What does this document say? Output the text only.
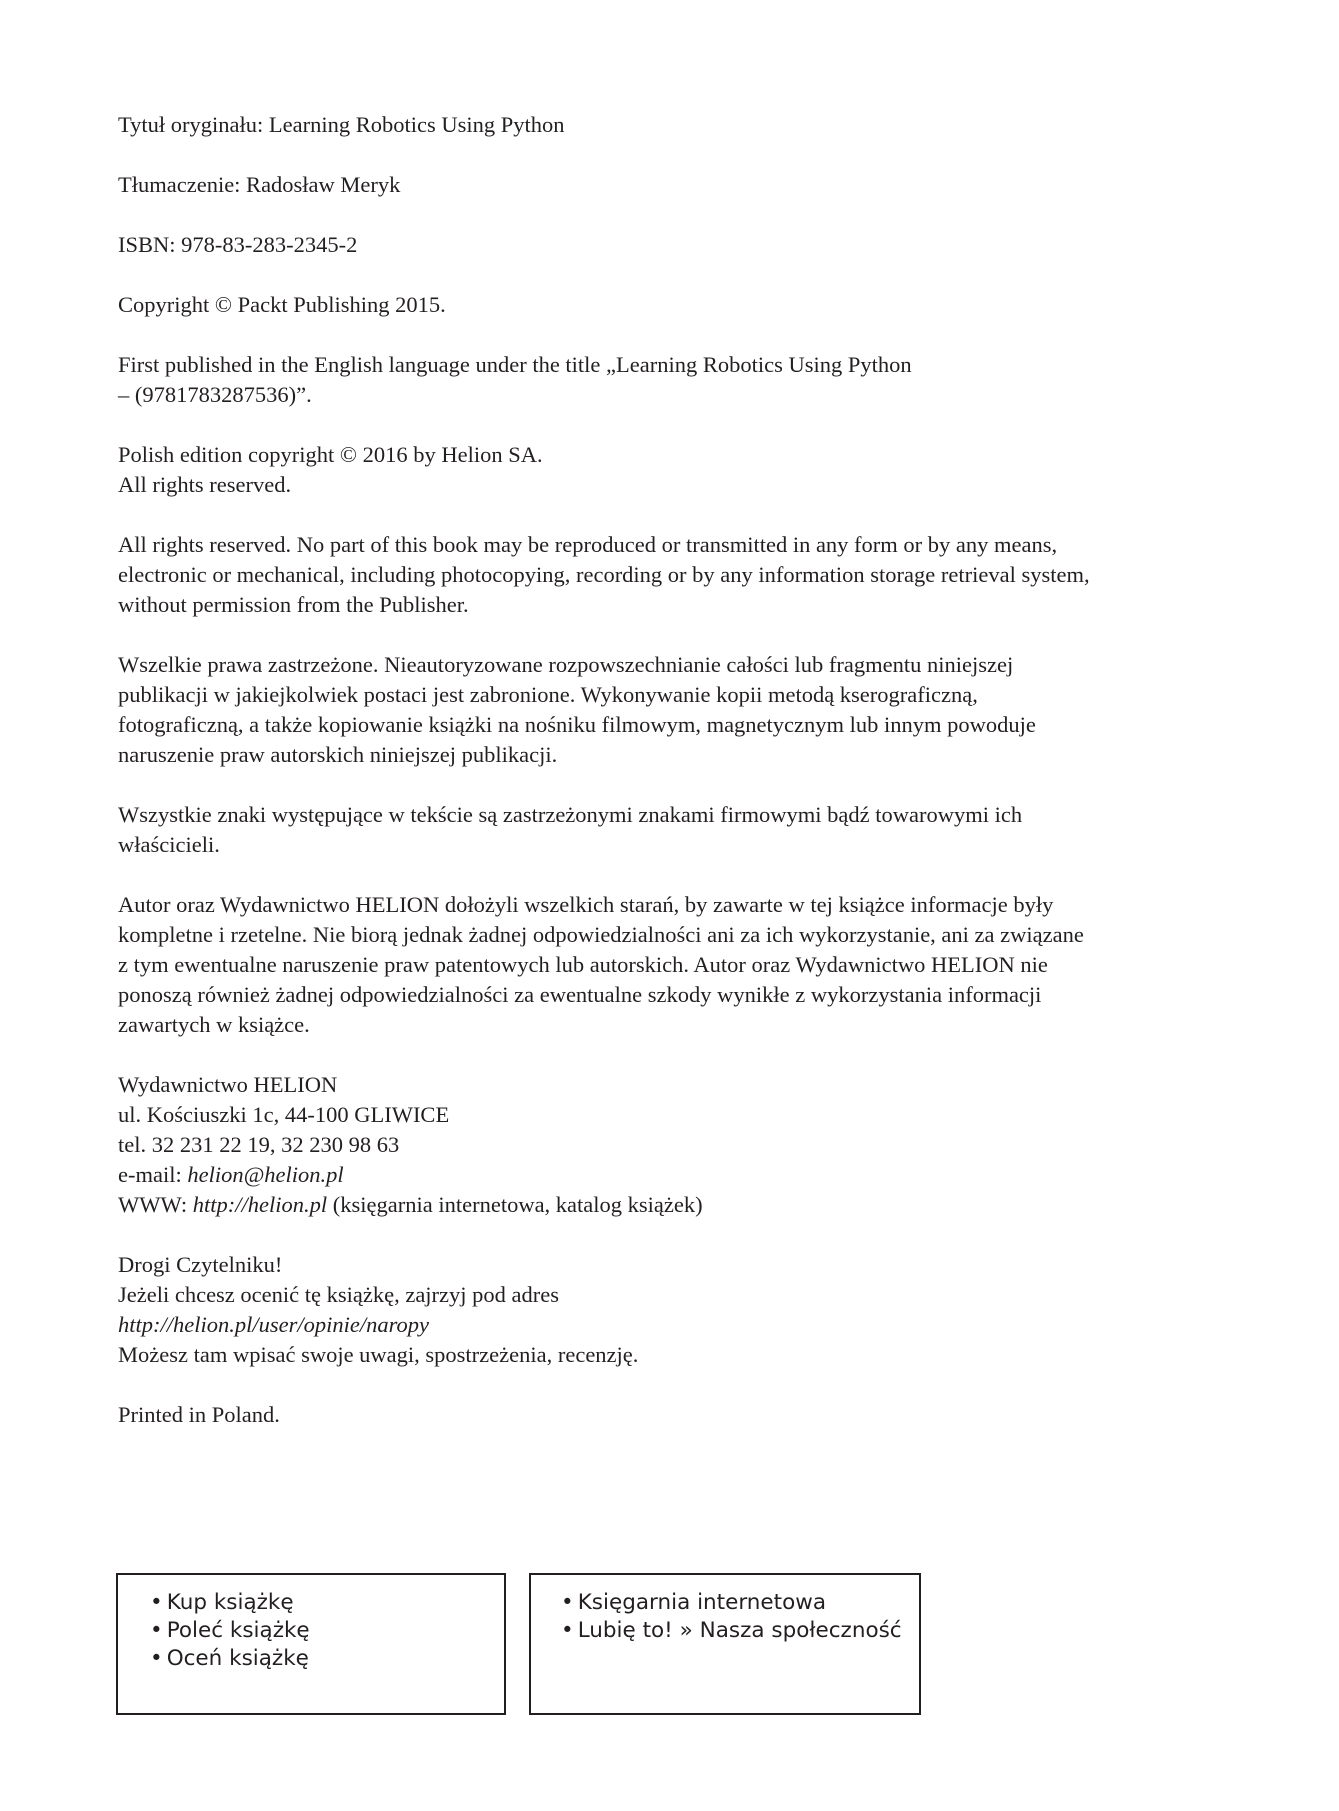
Tytuł oryginału: Learning Robotics Using Python

Tłumaczenie: Radosław Meryk

ISBN: 978-83-283-2345-2

Copyright © Packt Publishing 2015.

First published in the English language under the title „Learning Robotics Using Python
– (9781783287536)”.

Polish edition copyright © 2016 by Helion SA.
All rights reserved.

All rights reserved. No part of this book may be reproduced or transmitted in any form or by any means,
electronic or mechanical, including photocopying, recording or by any information storage retrieval system,
without permission from the Publisher.

Wszelkie prawa zastrzeżone. Nieautoryzowane rozpowszechnianie całości lub fragmentu niniejszej
publikacji w jakiejkolwiek postaci jest zabronione. Wykonywanie kopii metodą kserograficzną,
fotograficzną, a także kopiowanie książki na nośniku filmowym, magnetycznym lub innym powoduje
naruszenie praw autorskich niniejszej publikacji.

Wszystkie znaki występujące w tekście są zastrzeżonymi znakami firmowymi bądź towarowymi ich
właścicieli.

Autor oraz Wydawnictwo HELION dołożyli wszelkich starań, by zawarte w tej książce informacje były
kompletne i rzetelne. Nie biorą jednak żadnej odpowiedzialności ani za ich wykorzystanie, ani za związane
z tym ewentualne naruszenie praw patentowych lub autorskich. Autor oraz Wydawnictwo HELION nie
ponoszą również żadnej odpowiedzialności za ewentualne szkody wynikłe z wykorzystania informacji
zawartych w książce.

Wydawnictwo HELION
ul. Kościuszki 1c, 44-100 GLIWICE
tel. 32 231 22 19, 32 230 98 63
e-mail: helion@helion.pl
WWW: http://helion.pl (księgarnia internetowa, katalog książek)

Drogi Czytelniku!
Jeżeli chcesz ocenić tę książkę, zajrzyj pod adres
http://helion.pl/user/opinie/naropy
Możesz tam wpisać swoje uwagi, spostrzeżenia, recenzję.

Printed in Poland.

• Kup książkę
• Poleć książkę
• Oceń książkę
• Księgarnia internetowa
• Lubię to! » Nasza społeczność
